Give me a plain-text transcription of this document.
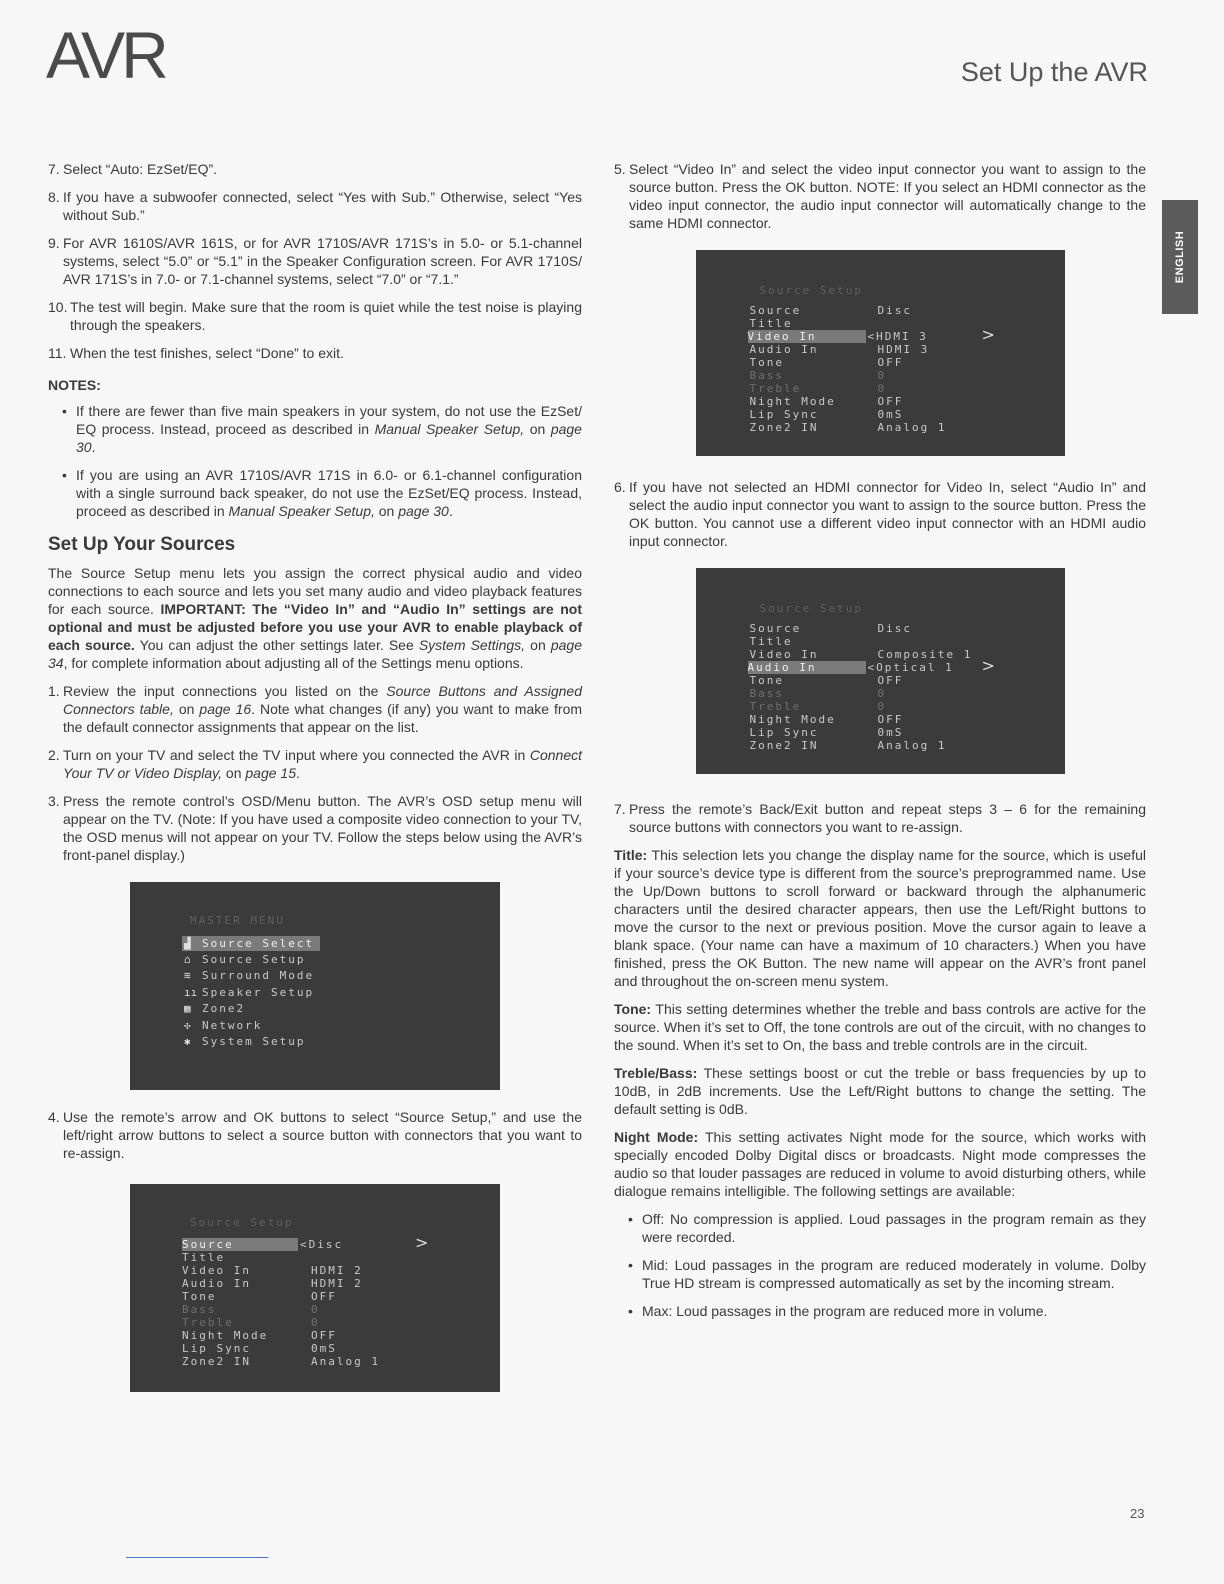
AVR	Set Up the AVR
ENGLISH
7. Select “Auto: EzSet/EQ”.
8. If you have a subwoofer connected, select “Yes with Sub.” Otherwise, select “Yes without Sub.”
9. For AVR 1610S/AVR 161S, or for AVR 1710S/AVR 171S’s in 5.0- or 5.1-channel systems, select “5.0” or “5.1” in the Speaker Configuration screen. For AVR 1710S/ AVR 171S’s in 7.0- or 7.1-channel systems, select “7.0” or “7.1.”
10. The test will begin. Make sure that the room is quiet while the test noise is playing through the speakers.
11. When the test finishes, select “Done” to exit.
NOTES:
• If there are fewer than five main speakers in your system, do not use the EzSet/ EQ process. Instead, proceed as described in Manual Speaker Setup, on page 30.
• If you are using an AVR 1710S/AVR 171S in 6.0- or 6.1-channel configuration with a single surround back speaker, do not use the EzSet/EQ process. Instead, proceed as described in Manual Speaker Setup, on page 30.
Set Up Your Sources

The Source Setup menu lets you assign the correct physical audio and video connections to each source and lets you set many audio and video playback features for each source. IMPORTANT: The “Video In” and “Audio In” settings are not optional and must be adjusted before you use your AVR to enable playback of each source. You can adjust the other settings later. See System Settings, on page 34, for complete information about adjusting all of the Settings menu options.

1. Review the input connections you listed on the Source Buttons and Assigned Connectors table, on page 16. Note what changes (if any) you want to make from the default connector assignments that appear on the list.
2. Turn on your TV and select the TV input where you connected the AVR in Connect Your TV or Video Display, on page 15.
3. Press the remote control’s OSD/Menu button. The AVR’s OSD setup menu will appear on the TV. (Note: If you have used a composite video connection to your TV, the OSD menus will not appear on your TV. Follow the steps below using the AVR’s front-panel display.)
MASTER MENU
▟ Source Select
⌂ Source Setup
≋ Surround Mode
ıı Speaker Setup
▦ Zone2
✣ Network
✱ System Setup
4. Use the remote’s arrow and OK buttons to select “Source Setup,” and use the left/right arrow buttons to select a source button with connectors that you want to re-assign.
Source Setup
Source	<Disc	>
Title
Video In	HDMI 2
Audio In	HDMI 2
Tone	OFF
Bass	0
Treble	0
Night Mode	OFF
Lip Sync	0mS
Zone2 IN	Analog 1
5. Select “Video In” and select the video input connector you want to assign to the source button. Press the OK button. NOTE: If you select an HDMI connector as the video input connector, the audio input connector will automatically change to the same HDMI connector.
Source Setup
Source	Disc
Title
Video In	<HDMI 3	>
Audio In	HDMI 3
Tone	OFF
Bass	0
Treble	0
Night Mode	OFF
Lip Sync	0mS
Zone2 IN	Analog 1
6. If you have not selected an HDMI connector for Video In, select “Audio In” and select the audio input connector you want to assign to the source button. Press the OK button. You cannot use a different video input connector with an HDMI audio input connector.
Source Setup
Source	Disc
Title
Video In	Composite 1
Audio In	<Optical 1 >
Tone	OFF
Bass	0
Treble	0
Night Mode	OFF
Lip Sync	0mS
Zone2 IN	Analog 1
7. Press the remote’s Back/Exit button and repeat steps 3 – 6 for the remaining source buttons with connectors you want to re-assign.

Title: This selection lets you change the display name for the source, which is useful if your source’s device type is different from the source’s preprogrammed name. Use the Up/Down buttons to scroll forward or backward through the alphanumeric characters until the desired character appears, then use the Left/Right buttons to move the cursor to the next or previous position. Move the cursor again to leave a blank space. (Your name can have a maximum of 10 characters.) When you have finished, press the OK Button. The new name will appear on the AVR’s front panel and throughout the on-screen menu system.

Tone: This setting determines whether the treble and bass controls are active for the source. When it’s set to Off, the tone controls are out of the circuit, with no changes to the sound. When it’s set to On, the bass and treble controls are in the circuit.

Treble/Bass: These settings boost or cut the treble or bass frequencies by up to 10dB, in 2dB increments. Use the Left/Right buttons to change the setting. The default setting is 0dB.

Night Mode: This setting activates Night mode for the source, which works with specially encoded Dolby Digital discs or broadcasts. Night mode compresses the audio so that louder passages are reduced in volume to avoid disturbing others, while dialogue remains intelligible. The following settings are available:

• Off: No compression is applied. Loud passages in the program remain as they were recorded.
• Mid: Loud passages in the program are reduced moderately in volume. Dolby True HD stream is compressed automatically as set by the incoming stream.
• Max: Loud passages in the program are reduced more in volume.
23
